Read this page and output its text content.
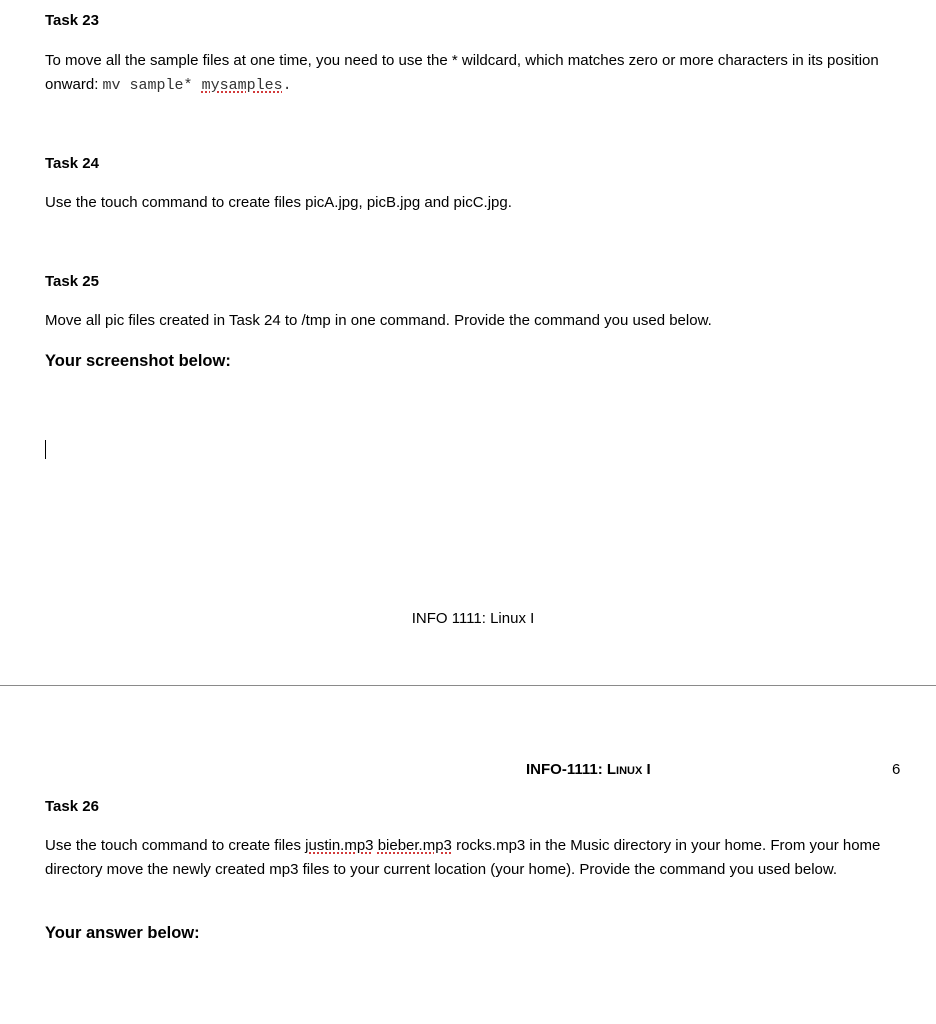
Task 23
To move all the sample files at one time, you need to use the * wildcard, which matches zero or more characters in its position onward: mv sample* mysamples.
Task 24
Use the touch command to create files picA.jpg, picB.jpg and picC.jpg.
Task 25
Move all pic files created in Task 24 to /tmp in one command. Provide the command you used below.
Your screenshot below:
INFO 1111: Linux I
INFO-1111: Linux I	6
Task 26
Use the touch command to create files justin.mp3 bieber.mp3 rocks.mp3 in the Music directory in your home. From your home directory move the newly created mp3 files to your current location (your home). Provide the command you used below.
Your answer below:
